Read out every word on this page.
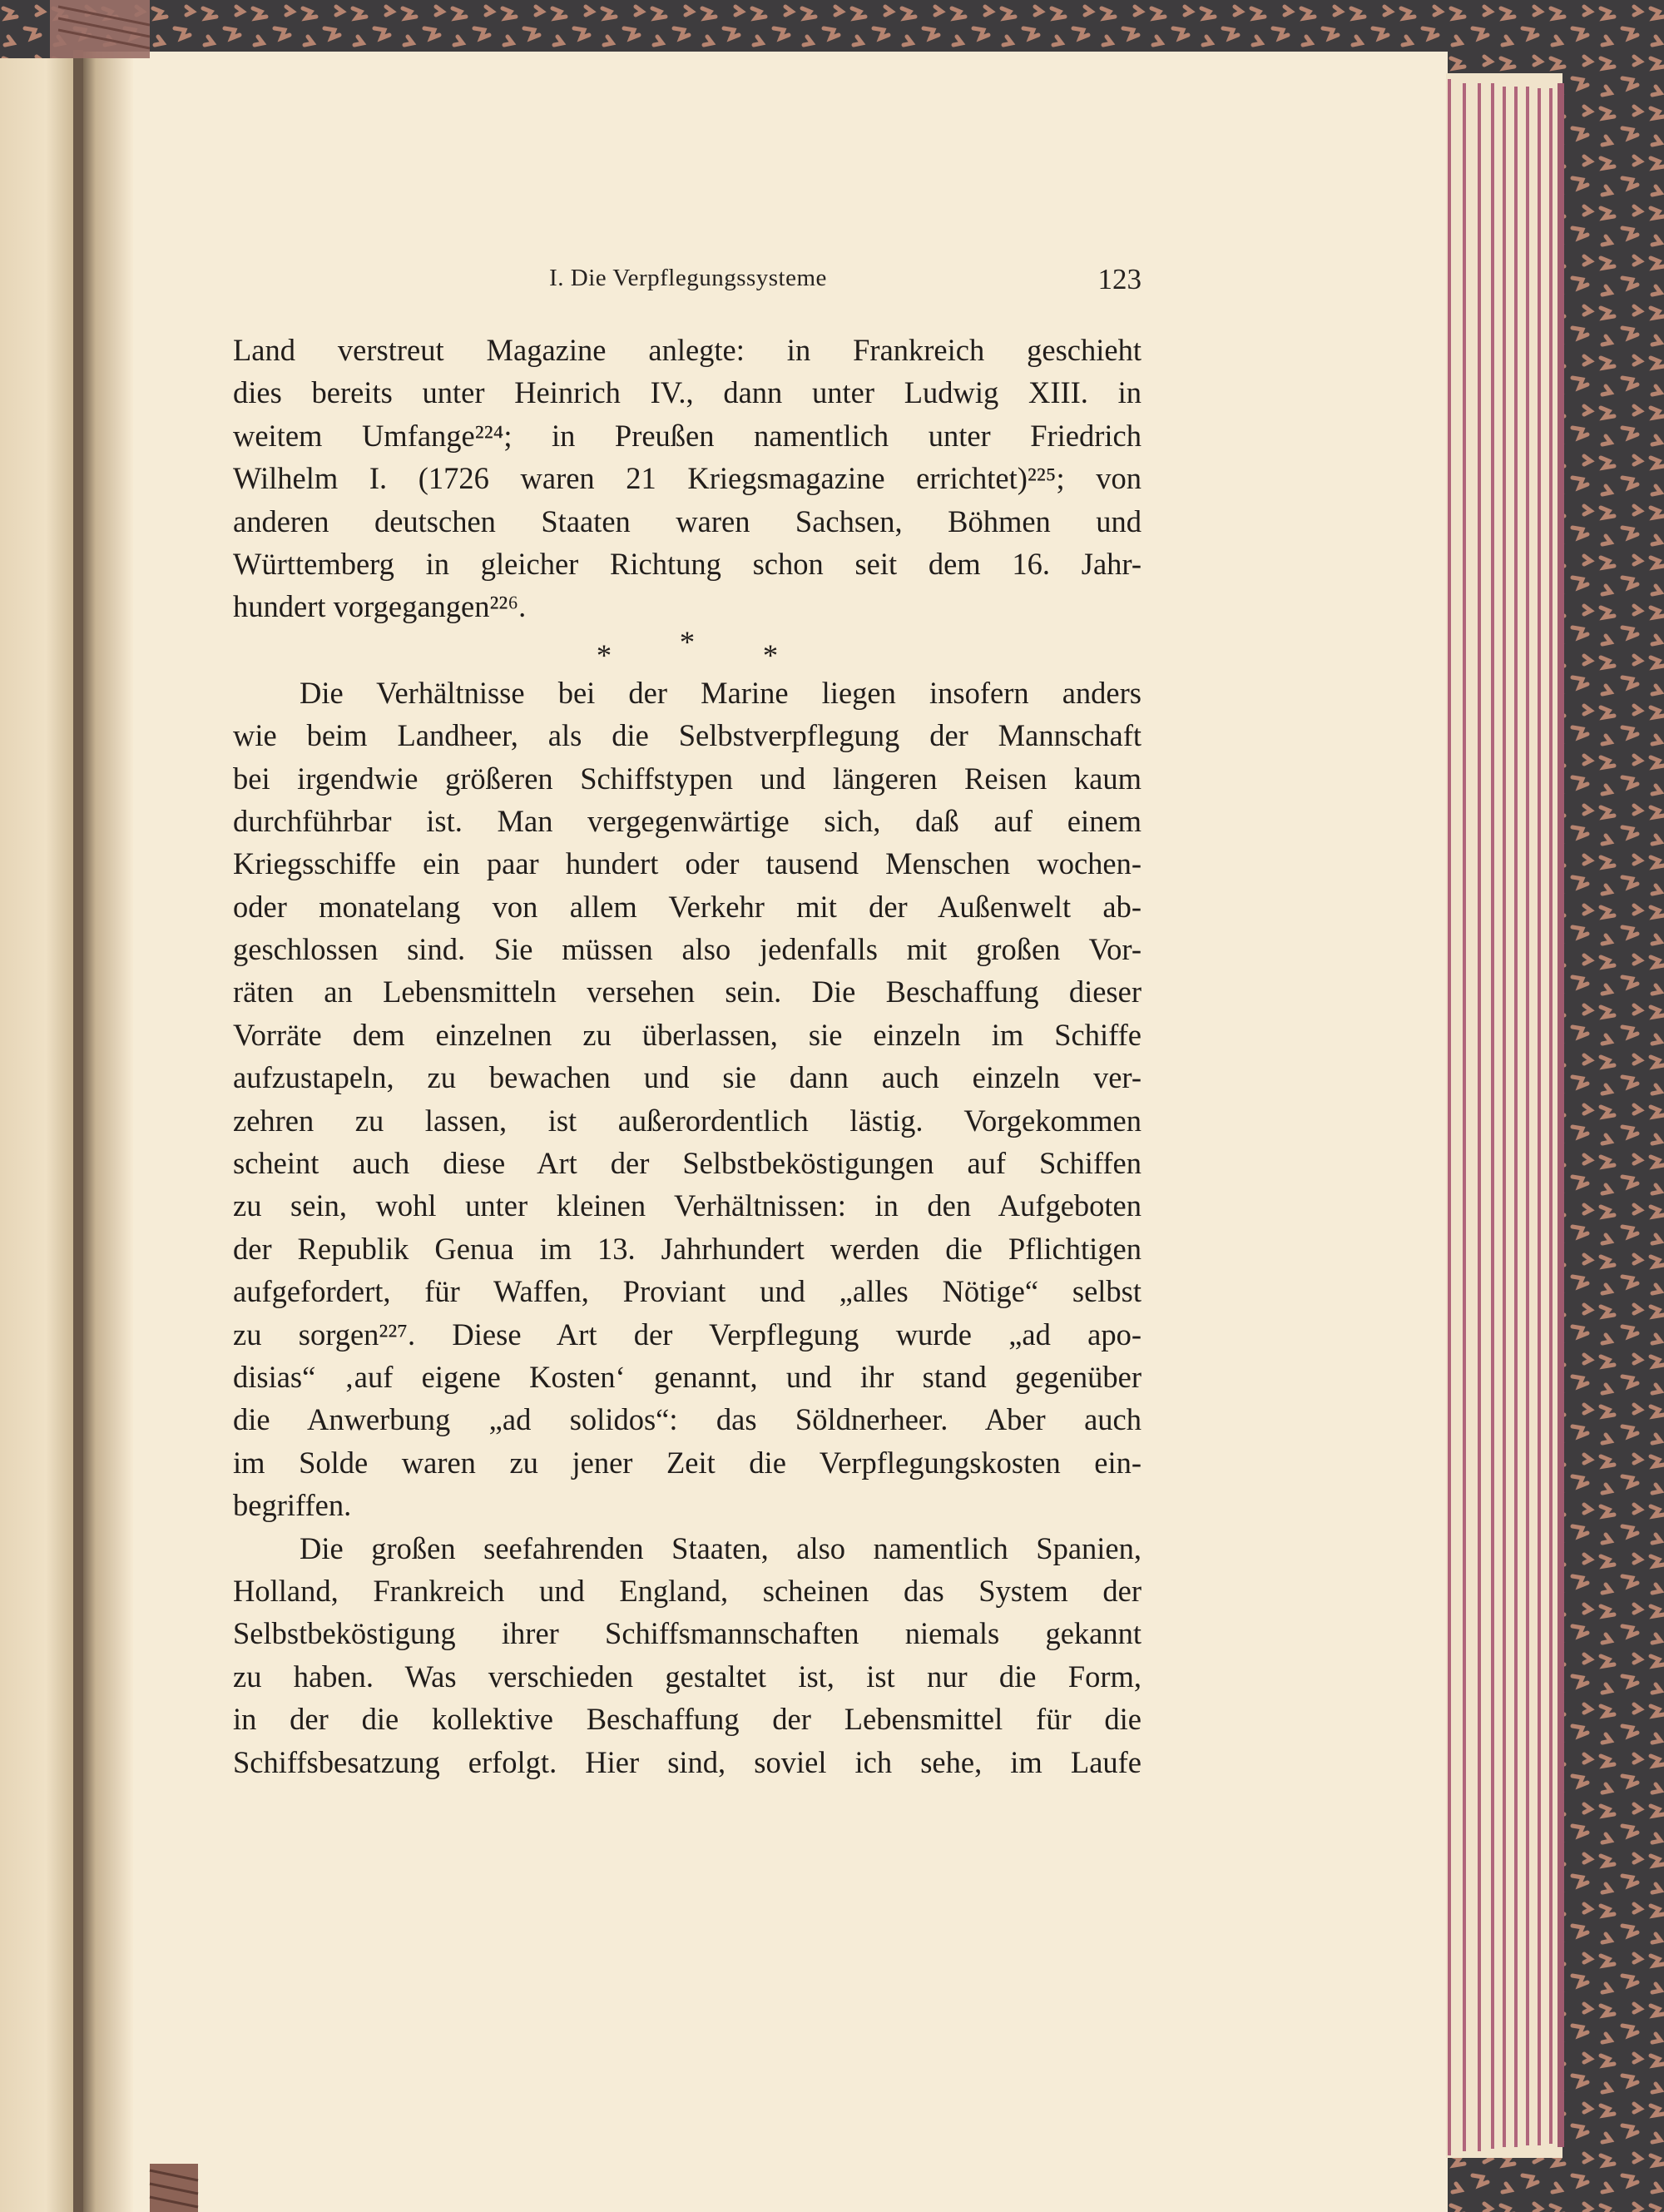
I. Die Verpflegungssysteme	123
Land verstreut Magazine anlegte: in Frankreich geschieht
dies bereits unter Heinrich IV., dann unter Ludwig XIII. in
weitem Umfange²²⁴; in Preußen namentlich unter Friedrich
Wilhelm I. (1726 waren 21 Kriegsmagazine errichtet)²²⁵; von
anderen deutschen Staaten waren Sachsen, Böhmen und
Württemberg in gleicher Richtung schon seit dem 16. Jahr-
hundert vorgegangen²²⁶.
* * *
Die Verhältnisse bei der Marine liegen insofern anders
wie beim Landheer, als die Selbstverpflegung der Mannschaft
bei irgendwie größeren Schiffstypen und längeren Reisen kaum
durchführbar ist. Man vergegenwärtige sich, daß auf einem
Kriegsschiffe ein paar hundert oder tausend Menschen wochen-
oder monatelang von allem Verkehr mit der Außenwelt ab-
geschlossen sind. Sie müssen also jedenfalls mit großen Vor-
räten an Lebensmitteln versehen sein. Die Beschaffung dieser
Vorräte dem einzelnen zu überlassen, sie einzeln im Schiffe
aufzustapeln, zu bewachen und sie dann auch einzeln ver-
zehren zu lassen, ist außerordentlich lästig. Vorgekommen
scheint auch diese Art der Selbstbeköstigungen auf Schiffen
zu sein, wohl unter kleinen Verhältnissen: in den Aufgeboten
der Republik Genua im 13. Jahrhundert werden die Pflichtigen
aufgefordert, für Waffen, Proviant und „alles Nötige“ selbst
zu sorgen²²⁷. Diese Art der Verpflegung wurde „ad apo-
disias“ ‚auf eigene Kosten‘ genannt, und ihr stand gegenüber
die Anwerbung „ad solidos“: das Söldnerheer. Aber auch
im Solde waren zu jener Zeit die Verpflegungskosten ein-
begriffen.
Die großen seefahrenden Staaten, also namentlich Spanien,
Holland, Frankreich und England, scheinen das System der
Selbstbeköstigung ihrer Schiffsmannschaften niemals gekannt
zu haben. Was verschieden gestaltet ist, ist nur die Form,
in der die kollektive Beschaffung der Lebensmittel für die
Schiffsbesatzung erfolgt. Hier sind, soviel ich sehe, im Laufe
